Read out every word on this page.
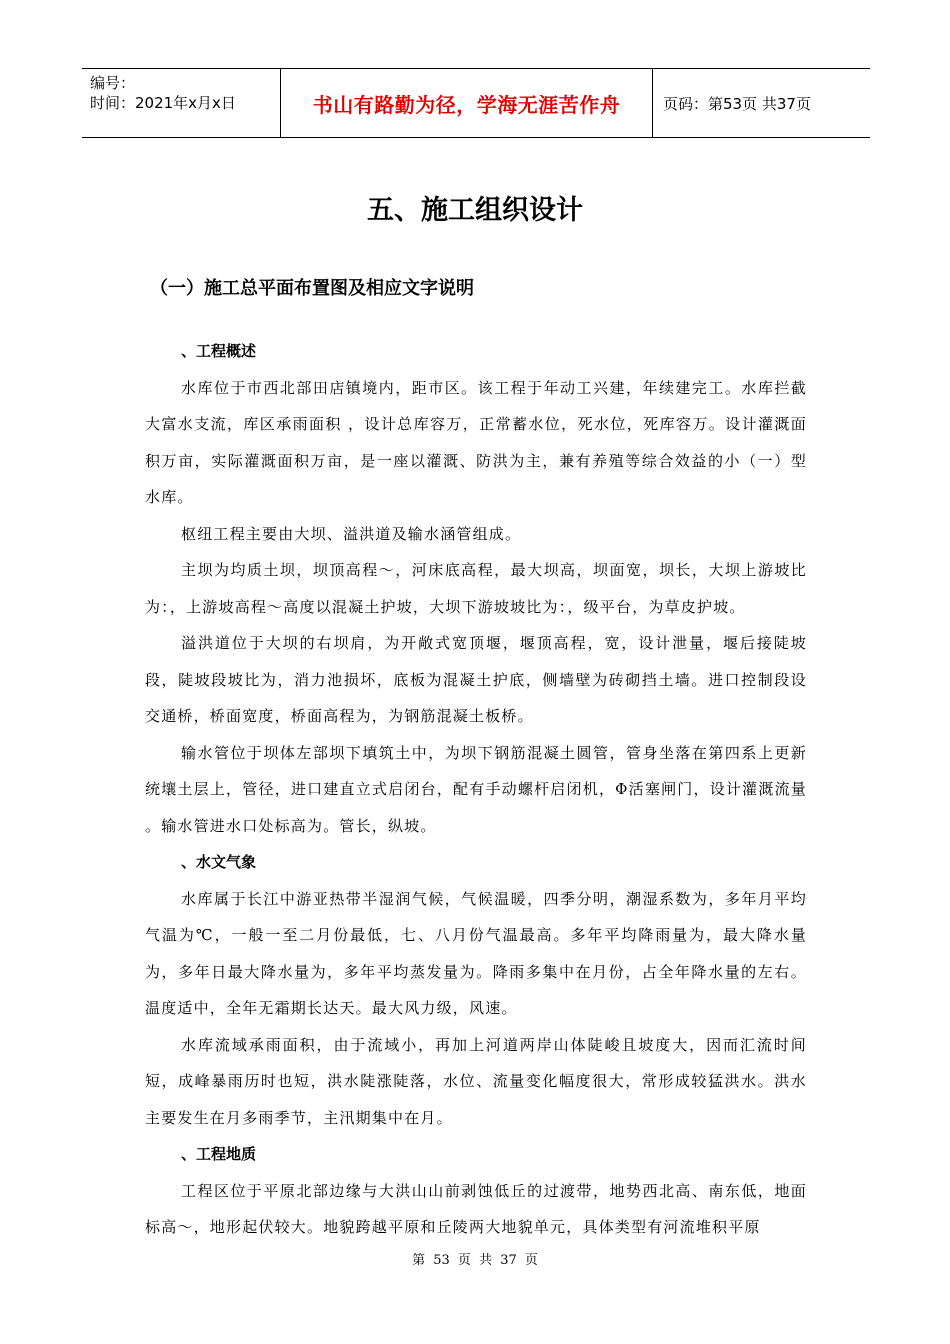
编号：
时间：2021年x月x日	书山有路勤为径，学海无涯苦作舟	页码：第53页 共37页
五、施工组织设计
（一）施工总平面布置图及相应文字说明
、工程概述

水库位于市西北部田店镇境内，距市区。该工程于年动工兴建，年续建完工。水库拦截大富水支流，库区承雨面积 ，设计总库容万，正常蓄水位，死水位，死库容万。设计灌溉面积万亩，实际灌溉面积万亩，是一座以灌溉、防洪为主，兼有养殖等综合效益的小（一）型水库。

枢纽工程主要由大坝、溢洪道及输水涵管组成。

主坝为均质土坝，坝顶高程～，河床底高程，最大坝高，坝面宽，坝长，大坝上游坡比为：，上游坡高程～高度以混凝土护坡，大坝下游坡坡比为：，级平台，为草皮护坡。

溢洪道位于大坝的右坝肩，为开敞式宽顶堰，堰顶高程，宽，设计泄量，堰后接陡坡段，陡坡段坡比为，消力池损坏，底板为混凝土护底，侧墙壁为砖砌挡土墙。进口控制段设交通桥，桥面宽度，桥面高程为，为钢筋混凝土板桥。

输水管位于坝体左部坝下填筑土中，为坝下钢筋混凝土圆管，管身坐落在第四系上更新统壤土层上，管径，进口建直立式启闭台，配有手动螺杆启闭机，Φ活塞闸门，设计灌溉流量 。输水管进水口处标高为。管长，纵坡。

、水文气象

水库属于长江中游亚热带半湿润气候，气候温暖，四季分明，潮湿系数为，多年月平均气温为℃，一般一至二月份最低，七、八月份气温最高。多年平均降雨量为，最大降水量为，多年日最大降水量为，多年平均蒸发量为。降雨多集中在月份，占全年降水量的左右。温度适中，全年无霜期长达天。最大风力级，风速。

水库流域承雨面积，由于流域小，再加上河道两岸山体陡峻且坡度大，因而汇流时间短，成峰暴雨历时也短，洪水陡涨陡落，水位、流量变化幅度很大，常形成较猛洪水。洪水主要发生在月多雨季节，主汛期集中在月。

、工程地质

工程区位于平原北部边缘与大洪山山前剥蚀低丘的过渡带，地势西北高、南东低，地面标高～，地形起伏较大。地貌跨越平原和丘陵两大地貌单元，具体类型有河流堆积平原

第 53 页 共 37 页
